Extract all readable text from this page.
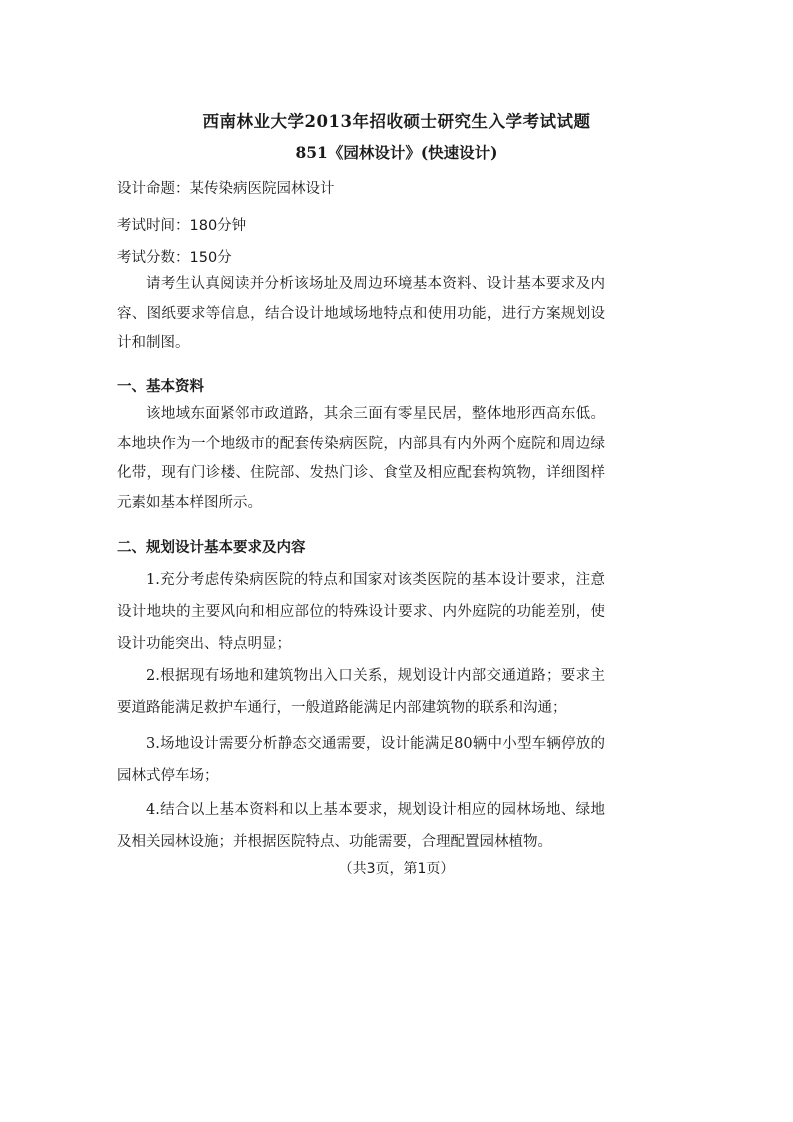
西南林业大学2013年招收硕士研究生入学考试试题
851《园林设计》(快速设计)
设计命题：某传染病医院园林设计
考试时间：180分钟
考试分数：150分

请考生认真阅读并分析该场址及周边环境基本资料、设计基本要求及内容、图纸要求等信息，结合设计地域场地特点和使用功能，进行方案规划设计和制图。

一、基本资料

该地域东面紧邻市政道路，其余三面有零星民居，整体地形西高东低。本地块作为一个地级市的配套传染病医院，内部具有内外两个庭院和周边绿化带，现有门诊楼、住院部、发热门诊、食堂及相应配套构筑物，详细图样元素如基本样图所示。

二、规划设计基本要求及内容

1.充分考虑传染病医院的特点和国家对该类医院的基本设计要求，注意设计地块的主要风向和相应部位的特殊设计要求、内外庭院的功能差别，使设计功能突出、特点明显；

2.根据现有场地和建筑物出入口关系，规划设计内部交通道路；要求主要道路能满足救护车通行，一般道路能满足内部建筑物的联系和沟通；

3.场地设计需要分析静态交通需要，设计能满足80辆中小型车辆停放的园林式停车场；

4.结合以上基本资料和以上基本要求，规划设计相应的园林场地、绿地及相关园林设施；并根据医院特点、功能需要，合理配置园林植物。

（共3页，第1页）
